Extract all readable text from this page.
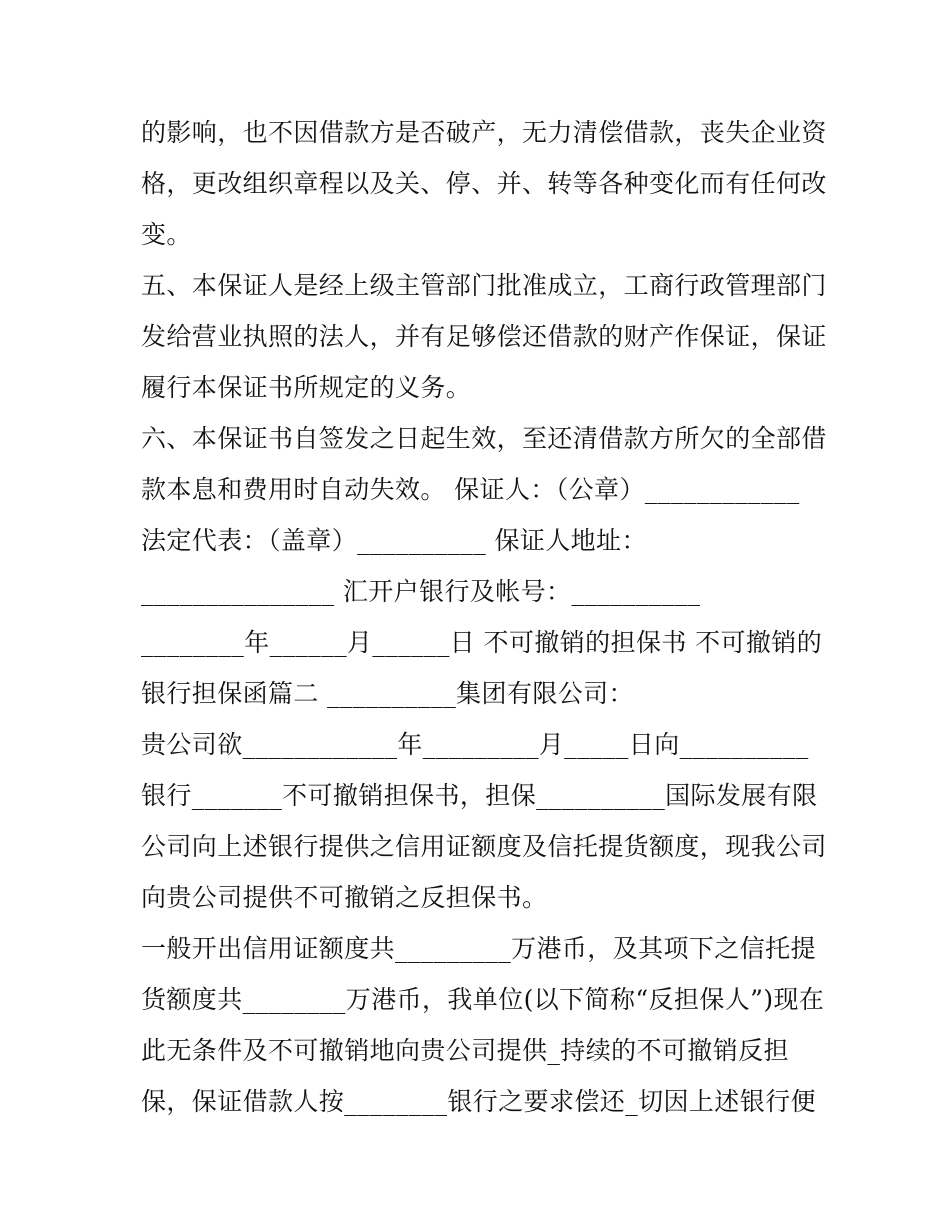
的影响，也不因借款方是否破产，无力清偿借款，丧失企业资
格，更改组织章程以及关、停、并、转等各种变化而有任何改
变。
五、本保证人是经上级主管部门批准成立，工商行政管理部门
发给营业执照的法人，并有足够偿还借款的财产作保证，保证
履行本保证书所规定的义务。
六、本保证书自签发之日起生效，至还清借款方所欠的全部借
款本息和费用时自动失效。 保证人：（公章）____________
法定代表：（盖章）__________ 保证人地址：
_______________ 汇开户银行及帐号：__________
________年______月______日 不可撤销的担保书 不可撤销的
银行担保函篇二 __________集团有限公司：
贵公司欲____________年_________月_____日向__________
银行_______不可撤销担保书，担保__________国际发展有限
公司向上述银行提供之信用证额度及信托提货额度，现我公司
向贵公司提供不可撤销之反担保书。
一般开出信用证额度共_________万港币，及其项下之信托提
货额度共________万港币，我单位(以下简称“反担保人”)现在
此无条件及不可撤销地向贵公司提供_持续的不可撤销反担
保，保证借款人按________银行之要求偿还_切因上述银行便
